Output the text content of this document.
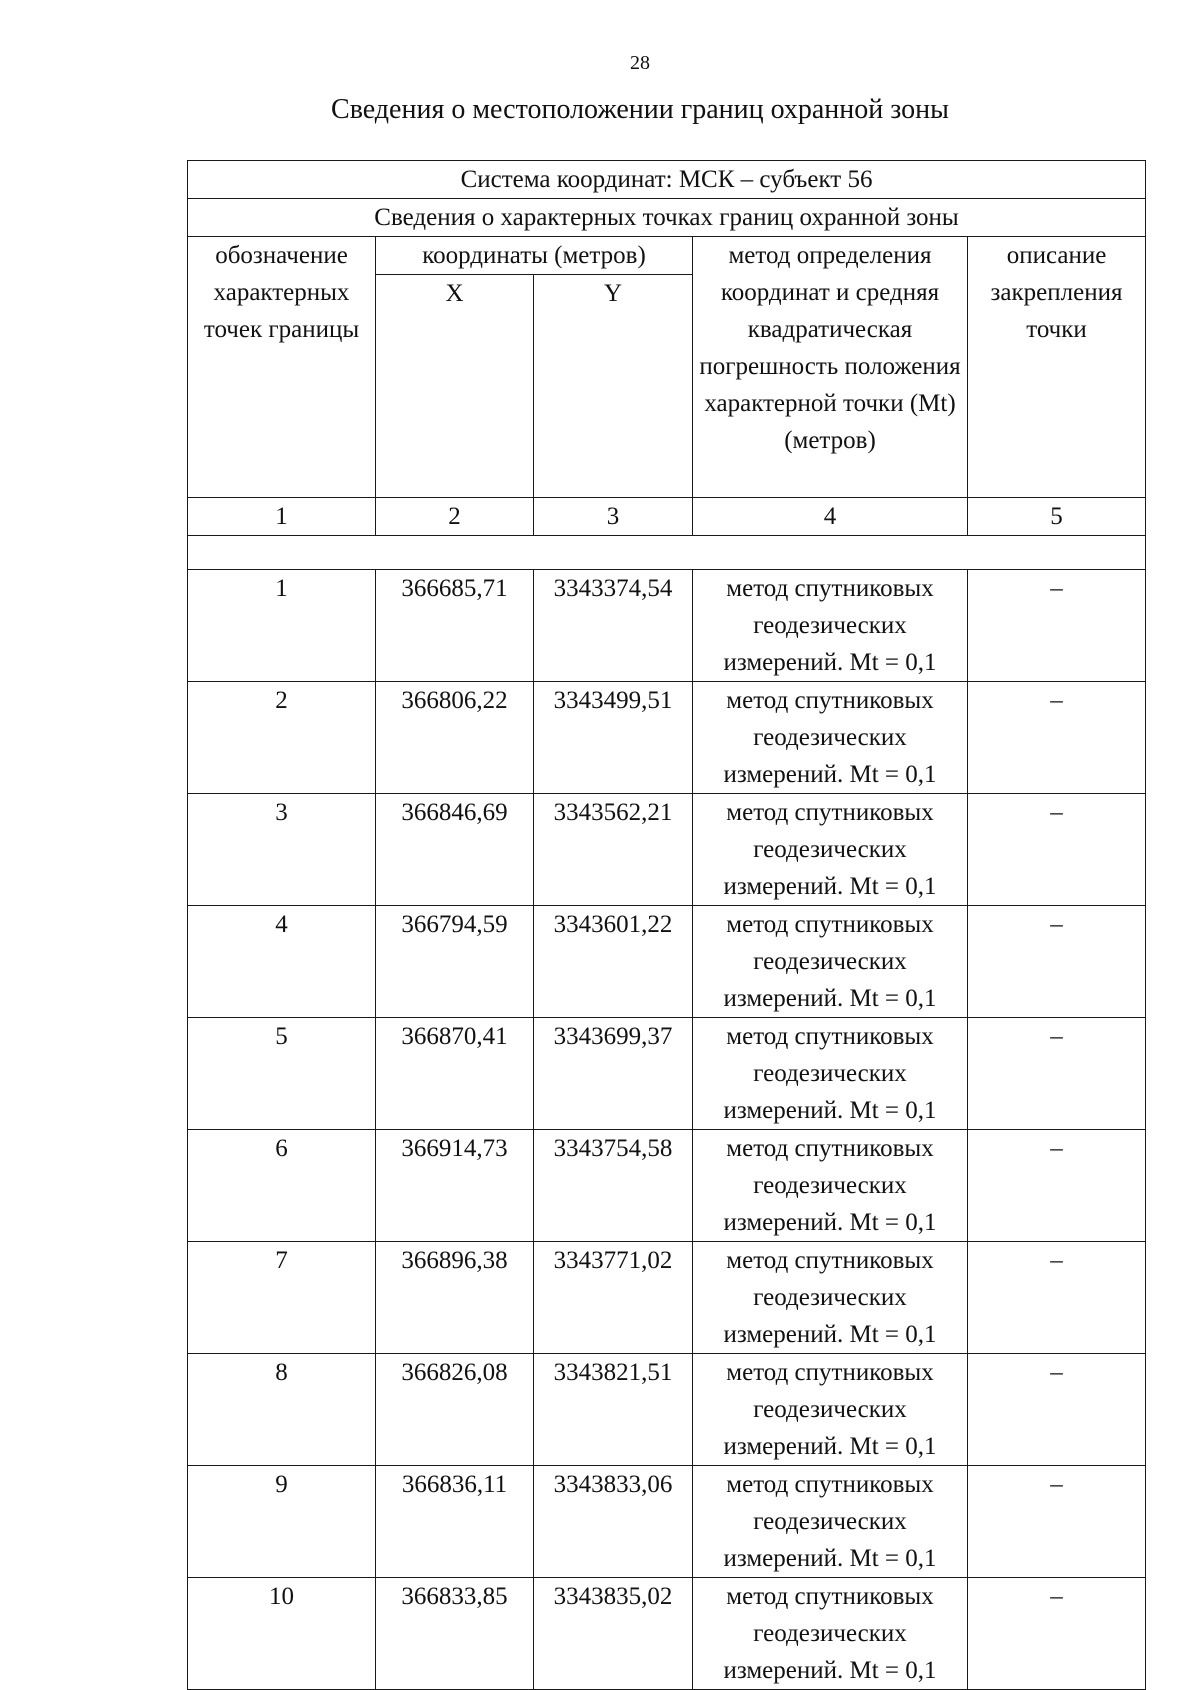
28
Сведения о местоположении границ охранной зоны
Система координат: МСК – субъект 56				
Сведения о характерных точках границ охранной зоны				
обозначение характерных точек границы	координаты (метров)		метод определения координат и средняя квадратическая погрешность положения характерной точки (Mt) (метров)	описание закрепления точки
	X	Y		
1	2	3	4	5

1	366685,71	3343374,54	метод спутниковых геодезических измерений. Mt = 0,1	–
2	366806,22	3343499,51	метод спутниковых геодезических измерений. Mt = 0,1	–
3	366846,69	3343562,21	метод спутниковых геодезических измерений. Mt = 0,1	–
4	366794,59	3343601,22	метод спутниковых геодезических измерений. Mt = 0,1	–
5	366870,41	3343699,37	метод спутниковых геодезических измерений. Mt = 0,1	–
6	366914,73	3343754,58	метод спутниковых геодезических измерений. Mt = 0,1	–
7	366896,38	3343771,02	метод спутниковых геодезических измерений. Mt = 0,1	–
8	366826,08	3343821,51	метод спутниковых геодезических измерений. Mt = 0,1	–
9	366836,11	3343833,06	метод спутниковых геодезических измерений. Mt = 0,1	–
10	366833,85	3343835,02	метод спутниковых геодезических измерений. Mt = 0,1	–
